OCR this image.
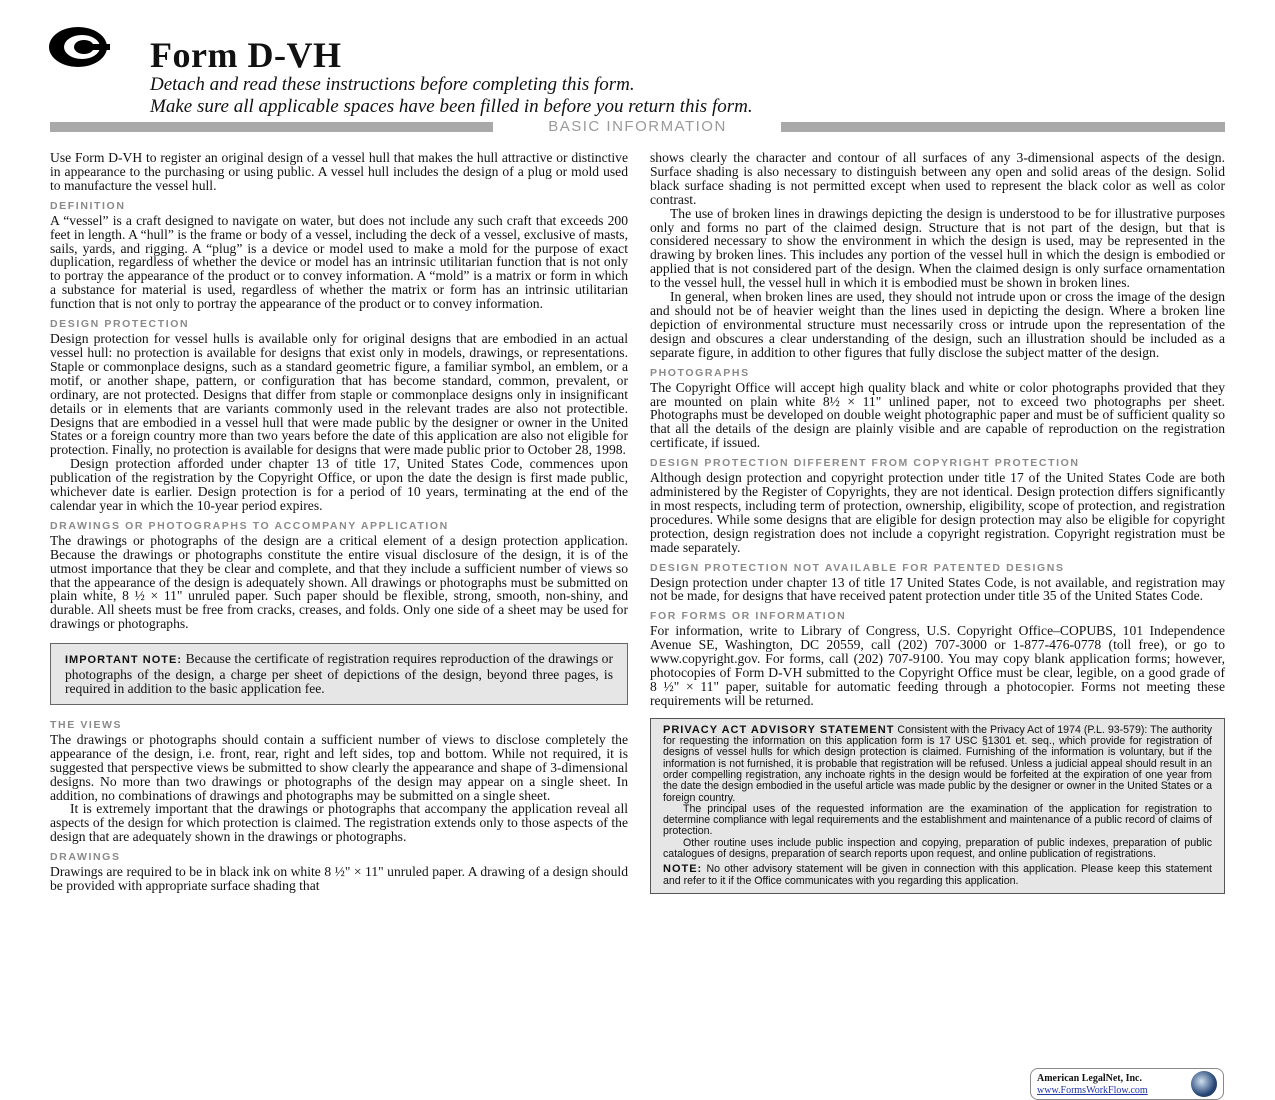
Form D-VH
Detach and read these instructions before completing this form.
Make sure all applicable spaces have been filled in before you return this form.
BASIC INFORMATION

Use Form D-VH to register an original design of a vessel hull that makes the hull attractive or distinctive in appearance to the purchasing or using public. A vessel hull includes the design of a plug or mold used to manufacture the vessel hull.

DEFINITION

A “vessel” is a craft designed to navigate on water, but does not include any such craft that exceeds 200 feet in length. A “hull” is the frame or body of a vessel, including the deck of a vessel, exclusive of masts, sails, yards, and rigging. A “plug” is a device or model used to make a mold for the purpose of exact duplication, regardless of whether the device or model has an intrinsic utilitarian function that is not only to portray the appearance of the product or to convey information. A “mold” is a matrix or form in which a substance for material is used, regardless of whether the matrix or form has an intrinsic utilitarian function that is not only to portray the appearance of the product or to convey information.

DESIGN PROTECTION

Design protection for vessel hulls is available only for original designs that are embodied in an actual vessel hull: no protection is available for designs that exist only in models, drawings, or representations. Staple or commonplace designs, such as a standard geometric figure, a familiar symbol, an emblem, or a motif, or another shape, pattern, or configuration that has become standard, common, prevalent, or ordinary, are not protected. Designs that differ from staple or commonplace designs only in insignificant details or in elements that are variants commonly used in the relevant trades are also not protectible. Designs that are embodied in a vessel hull that were made public by the designer or owner in the United States or a foreign country more than two years before the date of this application are also not eligible for protection. Finally, no protection is available for designs that were made public prior to October 28, 1998.

Design protection afforded under chapter 13 of title 17, United States Code, commences upon publication of the registration by the Copyright Office, or upon the date the design is first made public, whichever date is earlier. Design protection is for a period of 10 years, terminating at the end of the calendar year in which the 10-year period expires.

DRAWINGS OR PHOTOGRAPHS TO ACCOMPANY APPLICATION

The drawings or photographs of the design are a critical element of a design protection application. Because the drawings or photographs constitute the entire visual disclosure of the design, it is of the utmost importance that they be clear and complete, and that they include a sufficient number of views so that the appearance of the design is adequately shown. All drawings or photographs must be submitted on plain white, 8 ½ × 11" unruled paper. Such paper should be flexible, strong, smooth, non-shiny, and durable. All sheets must be free from cracks, creases, and folds. Only one side of a sheet may be used for drawings or photographs.

IMPORTANT NOTE: Because the certificate of registration requires reproduction of the drawings or photographs of the design, a charge per sheet of depictions of the design, beyond three pages, is required in addition to the basic application fee.
THE VIEWS

The drawings or photographs should contain a sufficient number of views to disclose completely the appearance of the design, i.e. front, rear, right and left sides, top and bottom. While not required, it is suggested that perspective views be submitted to show clearly the appearance and shape of 3-dimensional designs. No more than two drawings or photographs of the design may appear on a single sheet. In addition, no combinations of drawings and photographs may be submitted on a single sheet.

It is extremely important that the drawings or photographs that accompany the application reveal all aspects of the design for which protection is claimed. The registration extends only to those aspects of the design that are adequately shown in the drawings or photographs.

DRAWINGS

Drawings are required to be in black ink on white 8 ½" × 11" unruled paper. A drawing of a design should be provided with appropriate surface shading that

shows clearly the character and contour of all surfaces of any 3-dimensional aspects of the design. Surface shading is also necessary to distinguish between any open and solid areas of the design. Solid black surface shading is not permitted except when used to represent the black color as well as color contrast.

The use of broken lines in drawings depicting the design is understood to be for illustrative purposes only and forms no part of the claimed design. Structure that is not part of the design, but that is considered necessary to show the environment in which the design is used, may be represented in the drawing by broken lines. This includes any portion of the vessel hull in which the design is embodied or applied that is not considered part of the design. When the claimed design is only surface ornamentation to the vessel hull, the vessel hull in which it is embodied must be shown in broken lines.

In general, when broken lines are used, they should not intrude upon or cross the image of the design and should not be of heavier weight than the lines used in depicting the design. Where a broken line depiction of environmental structure must necessarily cross or intrude upon the representation of the design and obscures a clear understanding of the design, such an illustration should be included as a separate figure, in addition to other figures that fully disclose the subject matter of the design.

PHOTOGRAPHS

The Copyright Office will accept high quality black and white or color photographs provided that they are mounted on plain white 8½ × 11" unlined paper, not to exceed two photographs per sheet. Photographs must be developed on double weight photographic paper and must be of sufficient quality so that all the details of the design are plainly visible and are capable of reproduction on the registration certificate, if issued.

DESIGN PROTECTION DIFFERENT FROM COPYRIGHT PROTECTION

Although design protection and copyright protection under title 17 of the United States Code are both administered by the Register of Copyrights, they are not identical. Design protection differs significantly in most respects, including term of protection, ownership, eligibility, scope of protection, and registration procedures. While some designs that are eligible for design protection may also be eligible for copyright protection, design registration does not include a copyright registration. Copyright registration must be made separately.

DESIGN PROTECTION NOT AVAILABLE FOR PATENTED DESIGNS

Design protection under chapter 13 of title 17 United States Code, is not available, and registration may not be made, for designs that have received patent protection under title 35 of the United States Code.

FOR FORMS OR INFORMATION

For information, write to Library of Congress, U.S. Copyright Office–COPUBS, 101 Independence Avenue SE, Washington, DC 20559, call (202) 707-3000 or 1-877-476-0778 (toll free), or go to www.copyright.gov. For forms, call (202) 707-9100. You may copy blank application forms; however, photocopies of Form D-VH submitted to the Copyright Office must be clear, legible, on a good grade of 8 ½" × 11" paper, suitable for automatic feeding through a photocopier. Forms not meeting these requirements will be returned.

PRIVACY ACT ADVISORY STATEMENT Consistent with the Privacy Act of 1974 (P.L. 93-579): The authority for requesting the information on this application form is 17 USC §1301 et. seq., which provide for registration of designs of vessel hulls for which design protection is claimed. Furnishing of the information is voluntary, but if the information is not furnished, it is probable that registration will be refused. Unless a judicial appeal should result in an order compelling registration, any inchoate rights in the design would be forfeited at the expiration of one year from the date the design embodied in the useful article was made public by the designer or owner in the United States or a foreign country.

The principal uses of the requested information are the examination of the application for registration to determine compliance with legal requirements and the establishment and maintenance of a public record of claims of protection.

Other routine uses include public inspection and copying, preparation of public indexes, preparation of public catalogues of designs, preparation of search reports upon request, and online publication of registrations.

NOTE: No other advisory statement will be given in connection with this application. Please keep this statement and refer to it if the Office communicates with you regarding this application.

American LegalNet, Inc.
www.FormsWorkFlow.com
